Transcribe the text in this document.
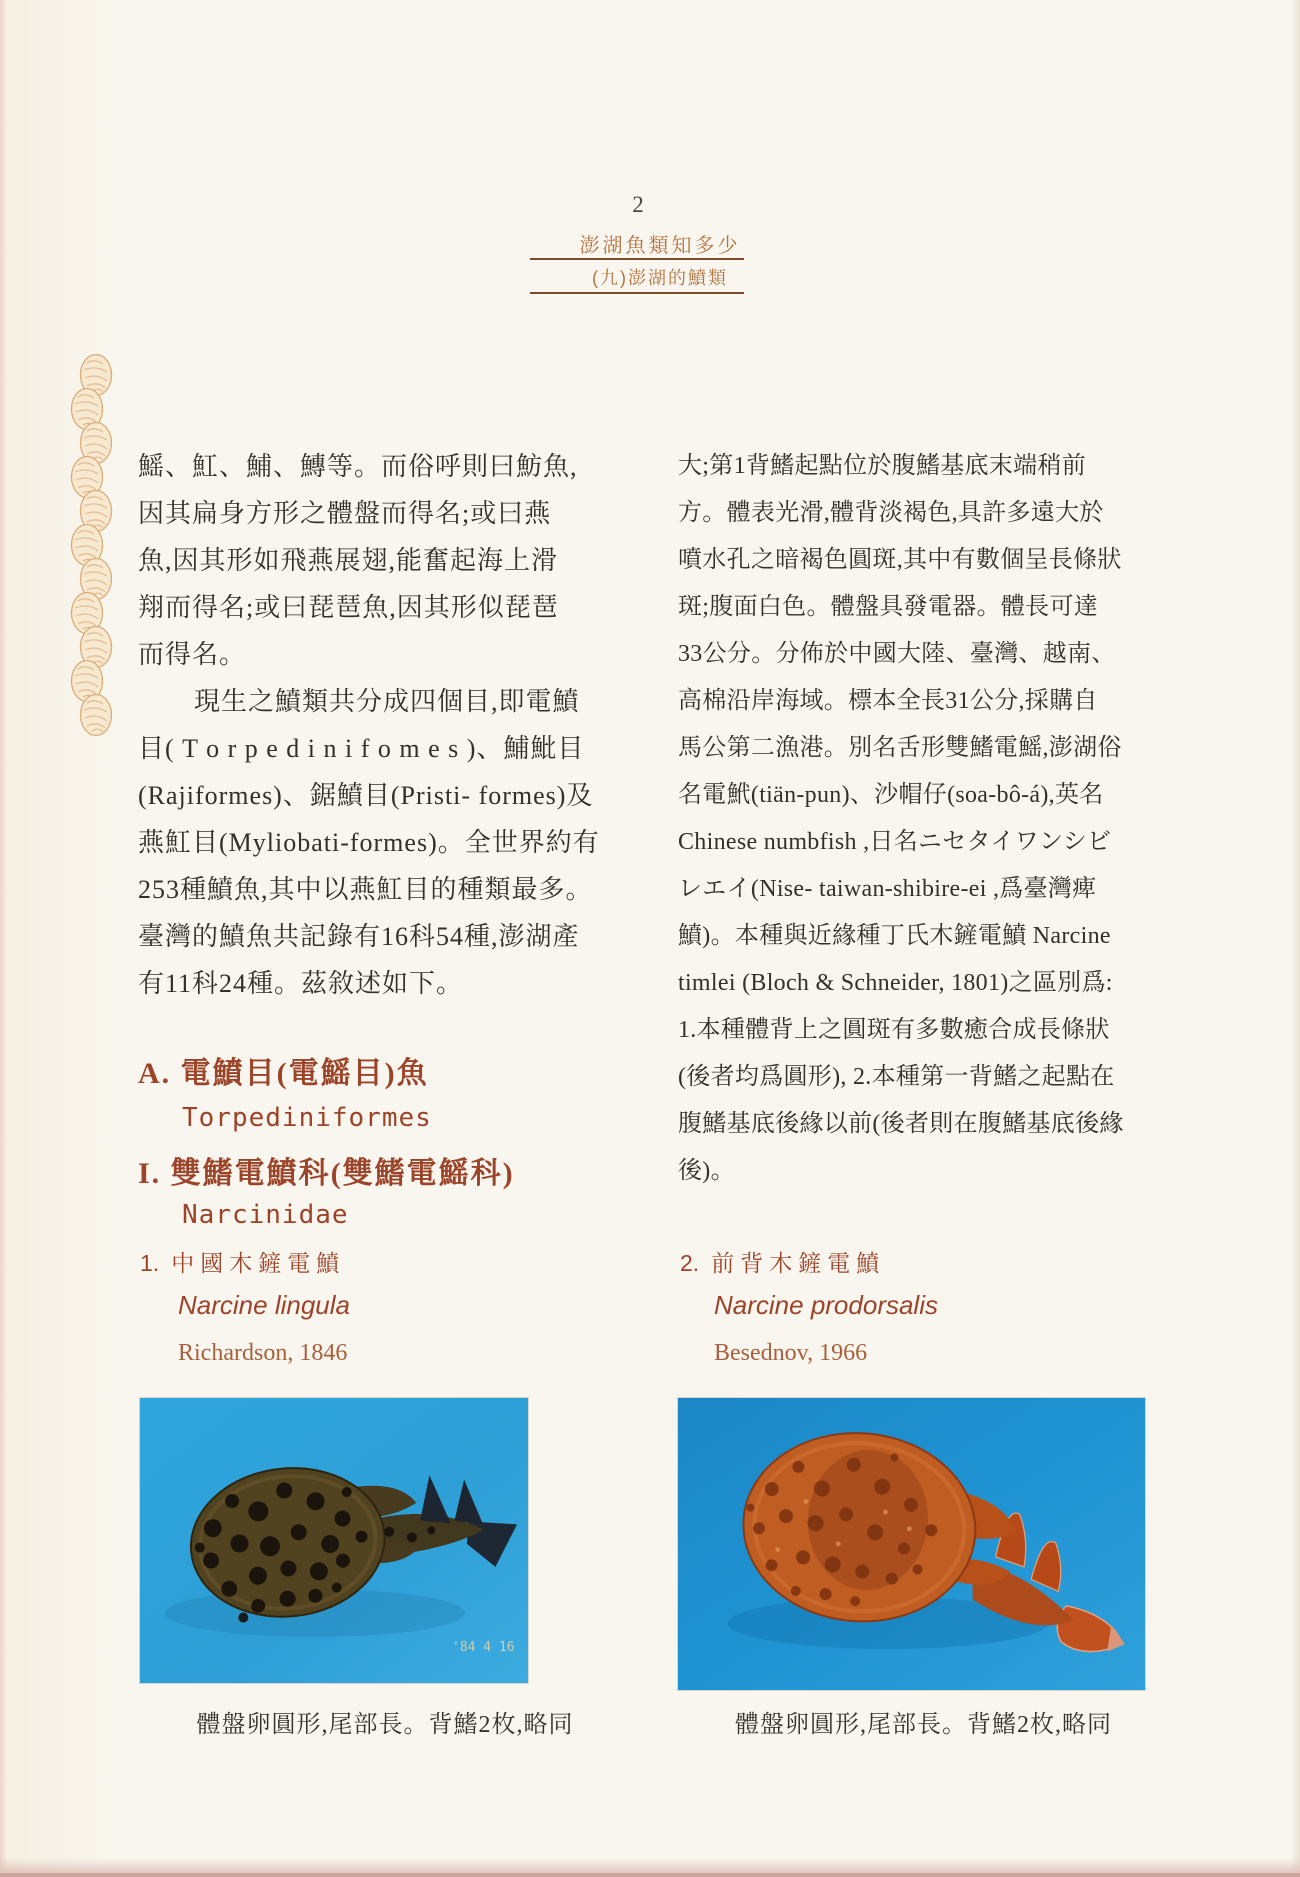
2
澎湖魚類知多少
(九)澎湖的鱝類
鰩、魟、鯆、鱄等。而俗呼則曰魴魚,
因其扁身方形之體盤而得名;或曰燕
魚,因其形如飛燕展翅,能奮起海上滑
翔而得名;或曰琵琶魚,因其形似琵琶
而得名。
現生之鱝類共分成四個目,即電鱝
目( T o r p e d i n i f o m e s )、鯆魮目
(Rajiformes)、鋸鱝目(Pristi- formes)及
燕魟目(Myliobati-formes)。全世界約有
253種鱝魚,其中以燕魟目的種類最多。
臺灣的鱝魚共記錄有16科54種,澎湖產
有11科24種。茲敘述如下。
大;第1背鰭起點位於腹鰭基底末端稍前
方。體表光滑,體背淡褐色,具許多遠大於
噴水孔之暗褐色圓斑,其中有數個呈長條狀
斑;腹面白色。體盤具發電器。體長可達
33公分。分佈於中國大陸、臺灣、越南、
高棉沿岸海域。標本全長31公分,採購自
馬公第二漁港。別名舌形雙鰭電鰩,澎湖俗
名電鮘(tiän-pun)、沙帽仔(soa-bô-á),英名
Chinese numbfish ,日名ニセタイワンシビ
レエイ(Nise- taiwan-shibire-ei ,爲臺灣痺
鱝)。本種與近緣種丁氏木鏟電鱝 Narcine
timlei (Bloch & Schneider, 1801)之區別爲:
1.本種體背上之圓斑有多數癒合成長條狀
(後者均爲圓形), 2.本種第一背鰭之起點在
腹鰭基底後緣以前(後者則在腹鰭基底後緣
後)。
A. 電鱝目(電鰩目)魚
Torpediniformes
I. 雙鰭電鱝科(雙鰭電鰩科)
Narcinidae
1. 中國木鏟電鱝
Narcine lingula
Richardson, 1846
2. 前背木鏟電鱝
Narcine prodorsalis
Besednov, 1966
'84 4 16
體盤卵圓形,尾部長。背鰭2枚,略同	體盤卵圓形,尾部長。背鰭2枚,略同
